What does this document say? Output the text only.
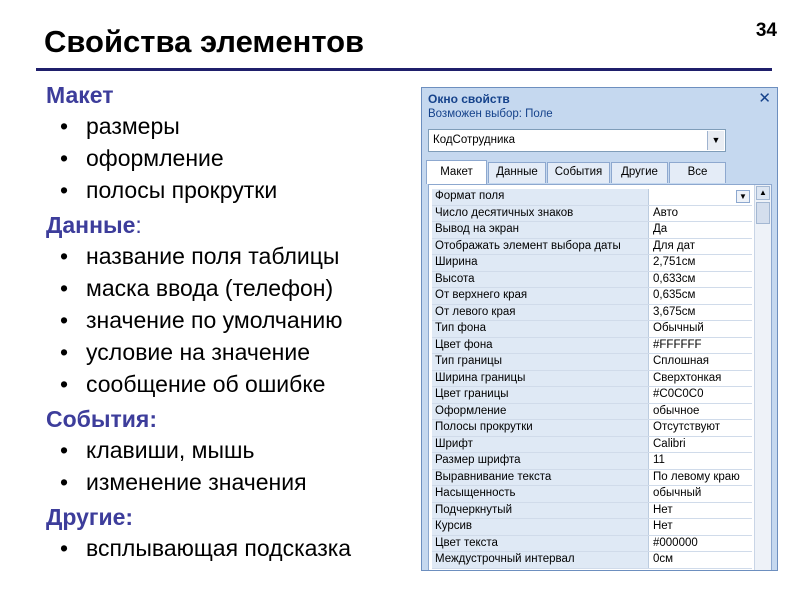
Свойства элементов	34
Макет
• размеры
• оформление
• полосы прокрутки
Данные:
• название поля таблицы
• маска ввода (телефон)
• значение по умолчанию
• условие на значение
• сообщение об ошибке
События:
• клавиши, мышь
• изменение значения
Другие:
• всплывающая подсказка
Окно свойств	✕
Возможен выбор: Поле
КодСотрудника	▼
Макет	Данные	События	Другие	Все
Формат поля	▼
Число десятичных знаков	Авто
Вывод на экран	Да
Отображать элемент выбора даты	Для дат
Ширина	2,751см
Высота	0,633см
От верхнего края	0,635см
От левого края	3,675см
Тип фона	Обычный
Цвет фона	#FFFFFF
Тип границы	Сплошная
Ширина границы	Сверхтонкая
Цвет границы	#C0C0C0
Оформление	обычное
Полосы прокрутки	Отсутствуют
Шрифт	Calibri
Размер шрифта	11
Выравнивание текста	По левому краю
Насыщенность	обычный
Подчеркнутый	Нет
Курсив	Нет
Цвет текста	#000000
Междустрочный интервал	0см
▲
